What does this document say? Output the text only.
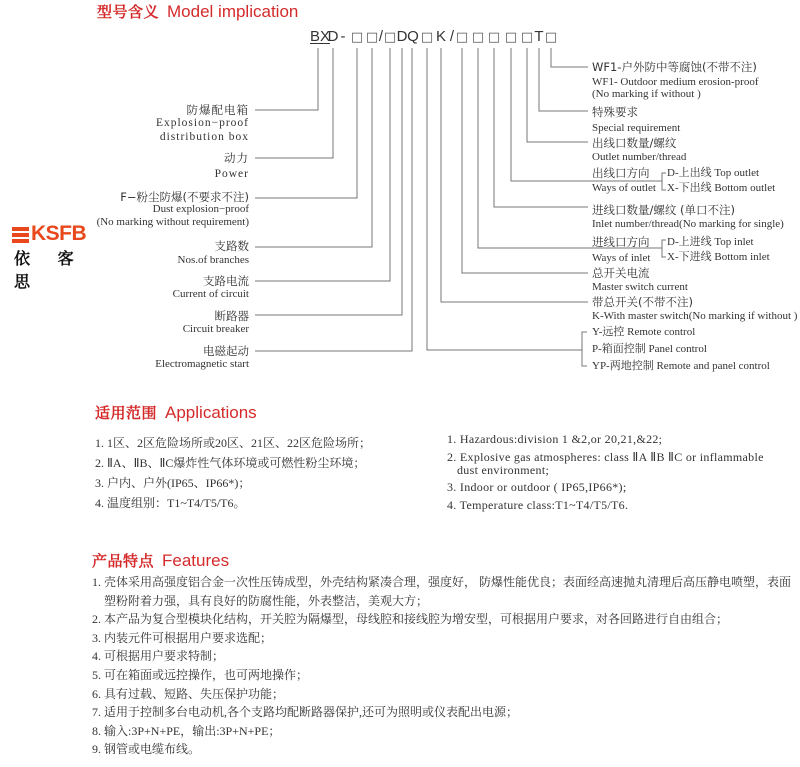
型号含义 Model implication
BX
D - □ □ / □ D Q □ K / □ □ □ □ □ T □
防爆配电箱
Explosion−proof
distribution box
动力
Power
F−粉尘防爆(不要求不注)
Dust explosion−proof
(No marking without requirement)
支路数
Nos.of branches
支路电流
Current of circuit
断路器
Circuit breaker
电磁起动
Electromagnetic start
WF1-户外防中等腐蚀(不带不注)
WF1- Outdoor medium erosion-proof
(No marking if without )
特殊要求
Special requirement
出线口数量/螺纹
Outlet number/thread
出线口方向
Ways of outlet
D-上出线 Top outlet
X-下出线 Bottom outlet
进线口数量/螺纹 (单口不注)
Inlet number/thread(No marking for single)
进线口方向
Ways of inlet
D-上进线 Top inlet
X-下进线 Bottom inlet
总开关电流
Master switch current
带总开关(不带不注)
K-With master switch(No marking if without )
Y-远控 Remote control
P-箱面控制 Panel control
YP-两地控制 Remote and panel control
KSFB
依 客 思
适用范围 Applications
1. 1区、2区危险场所或20区、21区、22区危险场所；
2. ⅡA、ⅡB、ⅡC爆炸性气体环境或可燃性粉尘环境；
3. 户内、户外(IP65、IP66*)；
4. 温度组别：T1~T4/T5/T6。
1. Hazardous:division 1 &2,or 20,21,&22;
2. Explosive gas atmospheres: class ⅡA ⅡB ⅡC or inflammable
dust environment;
3. Indoor or outdoor ( IP65,IP66*);
4. Temperature class:T1~T4/T5/T6.
产品特点 Features
1. 壳体采用高强度铝合金一次性压铸成型，外壳结构紧凑合理，强度好， 防爆性能优良；表面经高速抛丸清理后高压静电喷塑，表面
塑粉附着力强，具有良好的防腐性能，外表整洁，美观大方；
2. 本产品为复合型模块化结构，开关腔为隔爆型，母线腔和接线腔为增安型，可根据用户要求，对各回路进行自由组合；
3. 内装元件可根据用户要求选配；
4. 可根据用户要求特制；
5. 可在箱面或远控操作，也可两地操作；
6. 具有过载、短路、失压保护功能；
7. 适用于控制多台电动机,各个支路均配断路器保护,还可为照明或仪表配出电源；
8. 输入:3P+N+PE，输出:3P+N+PE；
9. 钢管或电缆布线。
